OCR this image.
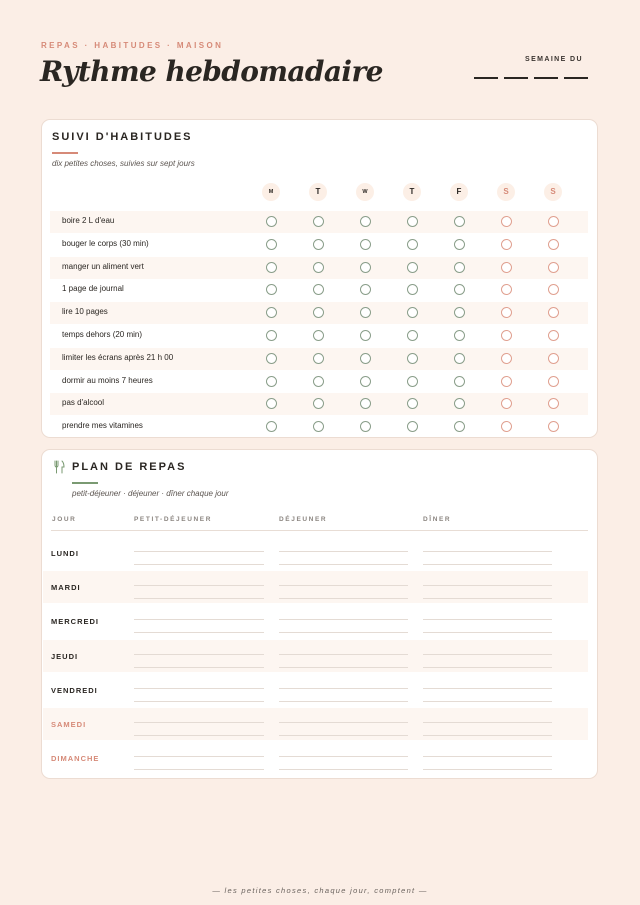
REPAS · HABITUDES · MAISON
Rythme hebdomadaire	SEMAINE DU
SUIVI D'HABITUDES
dix petites choses, suivies sur sept jours
M	T	W	T	F	S	S
boire 2 L d'eau
bouger le corps (30 min)
manger un aliment vert
1 page de journal
lire 10 pages
temps dehors (20 min)
limiter les écrans après 21 h 00
dormir au moins 7 heures
pas d'alcool
prendre mes vitamines
PLAN DE REPAS
petit-déjeuner · déjeuner · dîner chaque jour
JOUR	PETIT-DÉJEUNER	DÉJEUNER	DÎNER
LUNDI
MARDI
MERCREDI
JEUDI
VENDREDI
SAMEDI
DIMANCHE
— les petites choses, chaque jour, comptent —
